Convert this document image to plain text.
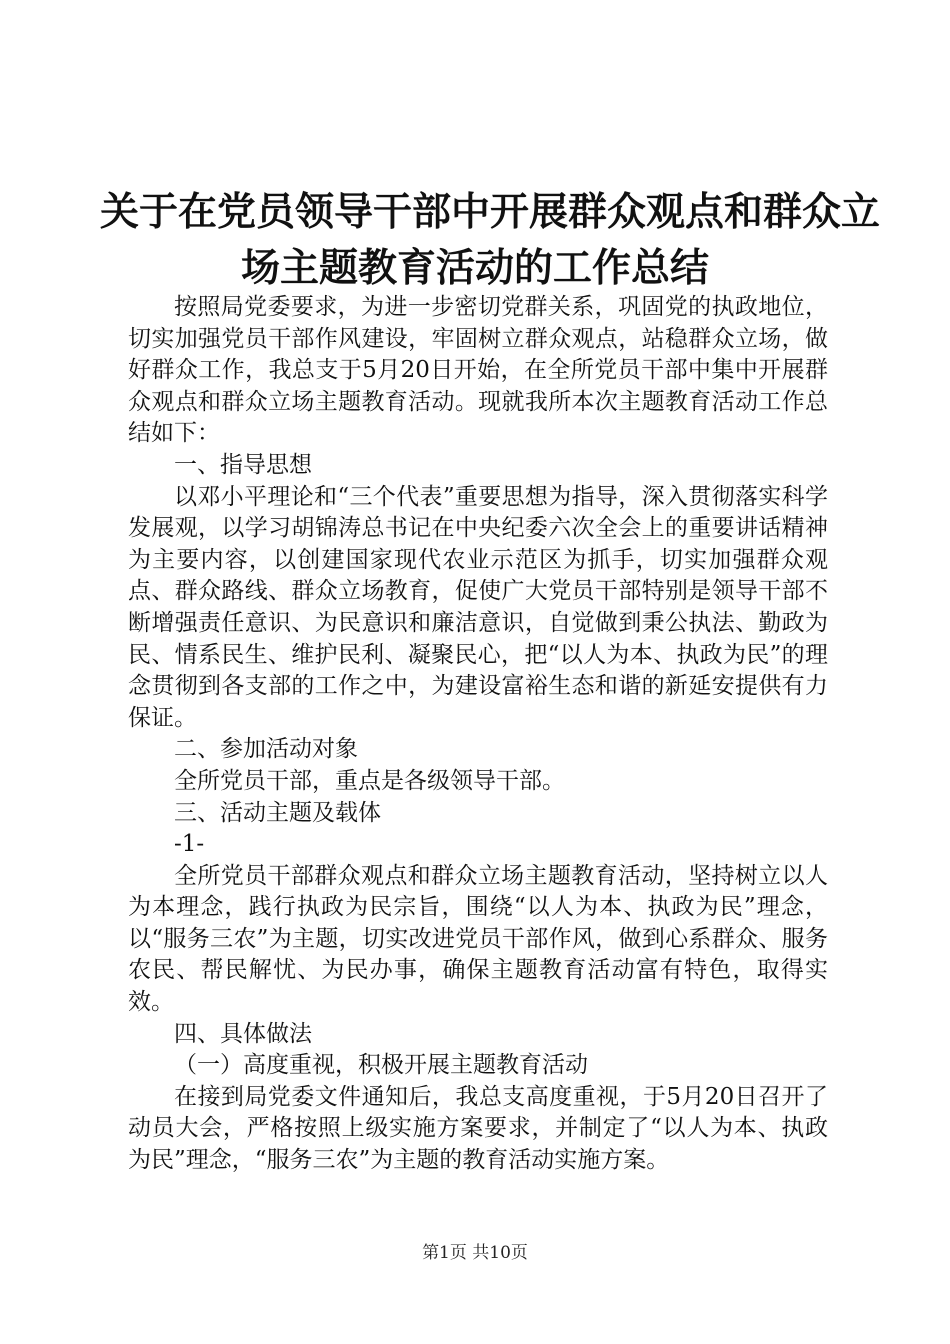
关于在党员领导干部中开展群众观点和群众立
场主题教育活动的工作总结

按照局党委要求，为进一步密切党群关系，巩固党的执政地位，切实加强党员干部作风建设，牢固树立群众观点，站稳群众立场，做好群众工作，我总支于5月20日开始，在全所党员干部中集中开展群众观点和群众立场主题教育活动。现就我所本次主题教育活动工作总结如下：

一、指导思想

以邓小平理论和“三个代表”重要思想为指导，深入贯彻落实科学发展观，以学习胡锦涛总书记在中央纪委六次全会上的重要讲话精神为主要内容，以创建国家现代农业示范区为抓手，切实加强群众观点、群众路线、群众立场教育，促使广大党员干部特别是领导干部不断增强责任意识、为民意识和廉洁意识，自觉做到秉公执法、勤政为民、情系民生、维护民利、凝聚民心，把“以人为本、执政为民”的理念贯彻到各支部的工作之中，为建设富裕生态和谐的新延安提供有力保证。

二、参加活动对象

全所党员干部，重点是各级领导干部。

三、活动主题及载体

-1-

全所党员干部群众观点和群众立场主题教育活动，坚持树立以人为本理念，践行执政为民宗旨，围绕“以人为本、执政为民”理念，以“服务三农”为主题，切实改进党员干部作风，做到心系群众、服务农民、帮民解忧、为民办事，确保主题教育活动富有特色，取得实效。

四、具体做法

（一）高度重视，积极开展主题教育活动

在接到局党委文件通知后，我总支高度重视，于5月20日召开了动员大会，严格按照上级实施方案要求，并制定了“以人为本、执政为民”理念，“服务三农”为主题的教育活动实施方案。

第1页 共10页
